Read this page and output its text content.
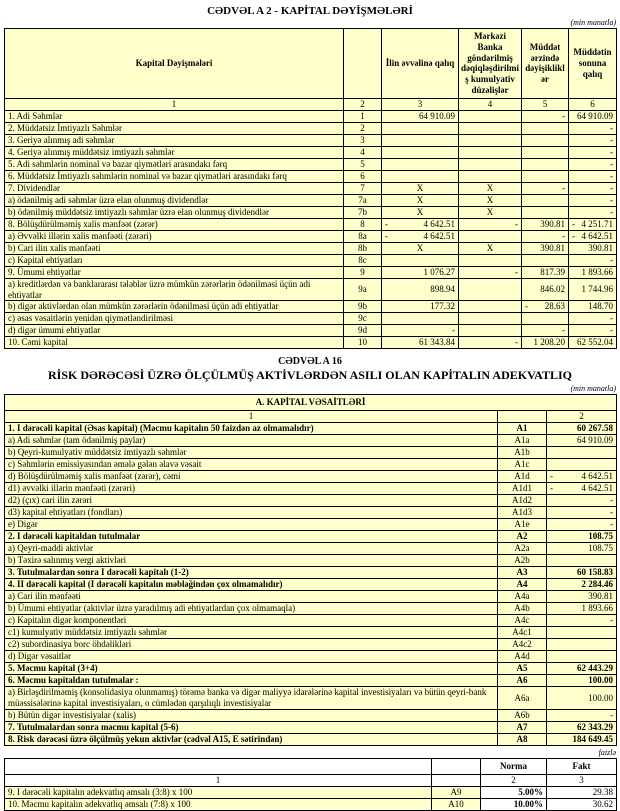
CƏDVƏL A 2 - KAPİTAL DƏYİŞMƏLƏRİ
(min manatla)
Kapital Dəyişmələri		İlin əvvəlinə qalıq	Mərkəzi Banka göndərilmiş dəqiqləşdirilmiş kumulyativ düzəlişlər	Müddət ərzində dəyişikliklər	Müddətin sonuna qalıq
1	2	3	4	5	6
1. Adi Səhmlər	1	64 910.09		-	64 910.09
2. Müddətsiz İmtiyazlı Səhmlər	2				-
3. Geriyə alınmış adi səhmlər	3				-
4. Geriyə alınmış müddətsiz imtiyazlı səhmlər	4				-
5. Adi səhmlərin nominal və bazar qiymətləri arasındakı fərq	5				-
6. Müddətsiz İmtiyazlı səhmlərin nominal və bazar qiymətləri arasındakı fərq	6				-
7. Dividendlər	7	X	X	-	-
a) ödənilmiş adi səhmlər üzrə elan olunmuş dividendlər	7a	X	X		-
b) ödənilmiş müddətsiz imtiyazlı səhmlər üzrə elan olunmuş dividendlər	7b	X	X		-
8. Bölüşdürülməmiş xalis mənfəət (zərər)	8	- 4 642.51	-	390.81	- 4 251.71

a) Əvvəlki illərin xalis mənfəəti (zərəri)	8a	- 4 642.51		-	- 4 642.51

b) Cari ilin xalis mənfəəti	8b	X	X	390.81	390.81
c) Kapital ehtiyatları	8c				-
9. Ümumi ehtiyatlar	9	1 076.27	-	817.39	1 893.66
a) kreditlərdən və banklararası tələblər üzrə mümkün zərərlərin ödənilməsi üçün adi ehtiyatlar	9a	898.94		846.02	1 744.96
b) digər aktivlərdən olan mümkün zərərlərin ödənilməsi üçün adi ehtiyatlar	9b	177.32		- 28.63	148.70
c) əsas vəsaitlərin yenidən qiymətləndirilməsi	9c				-
d) digər ümumi ehtiyatlar	9d	-		-	-
10. Cəmi kapital	10	61 343.84	-	1 208.20	62 552.04
CƏDVƏL A 16
RİSK DƏRƏCƏSİ ÜZRƏ ÖLÇÜLMÜŞ AKTİVLƏRDƏN ASILI OLAN KAPİTALIN ADEKVATLIQ
(min manatla)
A. KAPİTAL VƏSAİTLƏRİ		
1		2
1. I dərəcəli kapital (Əsas kapital) (Məcmu kapitalın 50 faizdən az olmamalıdır)	A1	60 267.58
a) Adi səhmlər (tam ödənilmiş paylar)	A1a	64 910.09
b) Qeyri-kumulyativ müddətsiz imtiyazlı səhmlər	A1b	
c) Səhmlərin emissiyasından əmələ gələn əlavə vəsait	A1c	
d) Bölüşdürülməmiş xalis mənfəət (zərər), cəmi	A1d	- 4 642.51

d1) əvvəlki illərin mənfəəti (zərəri)	A1d1	- 4 642.51

d2) (çıx) cari ilin zərəri	A1d2	-
d3) kapital ehtiyatları (fondları)	A1d3	-
e) Digər	A1e	-
2. I dərəcəli kapitaldan tutulmalar	A2	108.75
a) Qeyri-maddi aktivlər	A2a	108.75
b) Təxirə salınmış vergi aktivləri	A2b	
3. Tutulmalardan sonra I dərəcəli kapitalı (1-2)	A3	60 158.83
4. II dərəcəli kapital (I dərəcəli kapitalın məbləğindən çox olmamalıdır)	A4	2 284.46
a) Cari ilin mənfəəti	A4a	390.81
b) Ümumi ehtiyatlar (aktivlər üzrə yaradılmış adi ehtiyatlardan çox olmamaqla)	A4b	1 893.66
c) Kapitalın digər komponentləri	A4c	-
c1) kumulyativ müddətsiz imtiyazlı səhmlər	A4c1	
c2) subordinasiya borc öhdəlikləri	A4c2	
d) Digər vəsaitlər	A4d	
5. Məcmu kapital (3+4)	A5	62 443.29
6. Məcmu kapitaldan tutulmalar :	A6	100.00
a) Birləşdirilməmiş (konsolidasiya olunmamış) törəmə banka və digər maliyyə idarələrinə kapital investisiyaları və bütün qeyri-bank müəssisələrinə kapital investisiyaları, o cümlədən qarşılıqlı investisiyalar	A6a	100.00
b) Bütün digər investisiyalar (xalis)	A6b	-
7. Tutulmalardan sonra məcmu kapital (5-6)	A7	62 343.29
8. Risk dərəcəsi üzrə ölçülmüş yekun aktivlər (cədvəl A15, E sətirindən)	A8	184 649.45
faizlə
		Norma	Fakt
1		2	3
9. I dərəcəli kapitalın adekvatlıq əmsalı (3:8) x 100	A9	5.00%	29.38
10. Məcmu kapitalın adekvatlıq əmsalı (7:8) x 100	A10	10.00%	30.62
